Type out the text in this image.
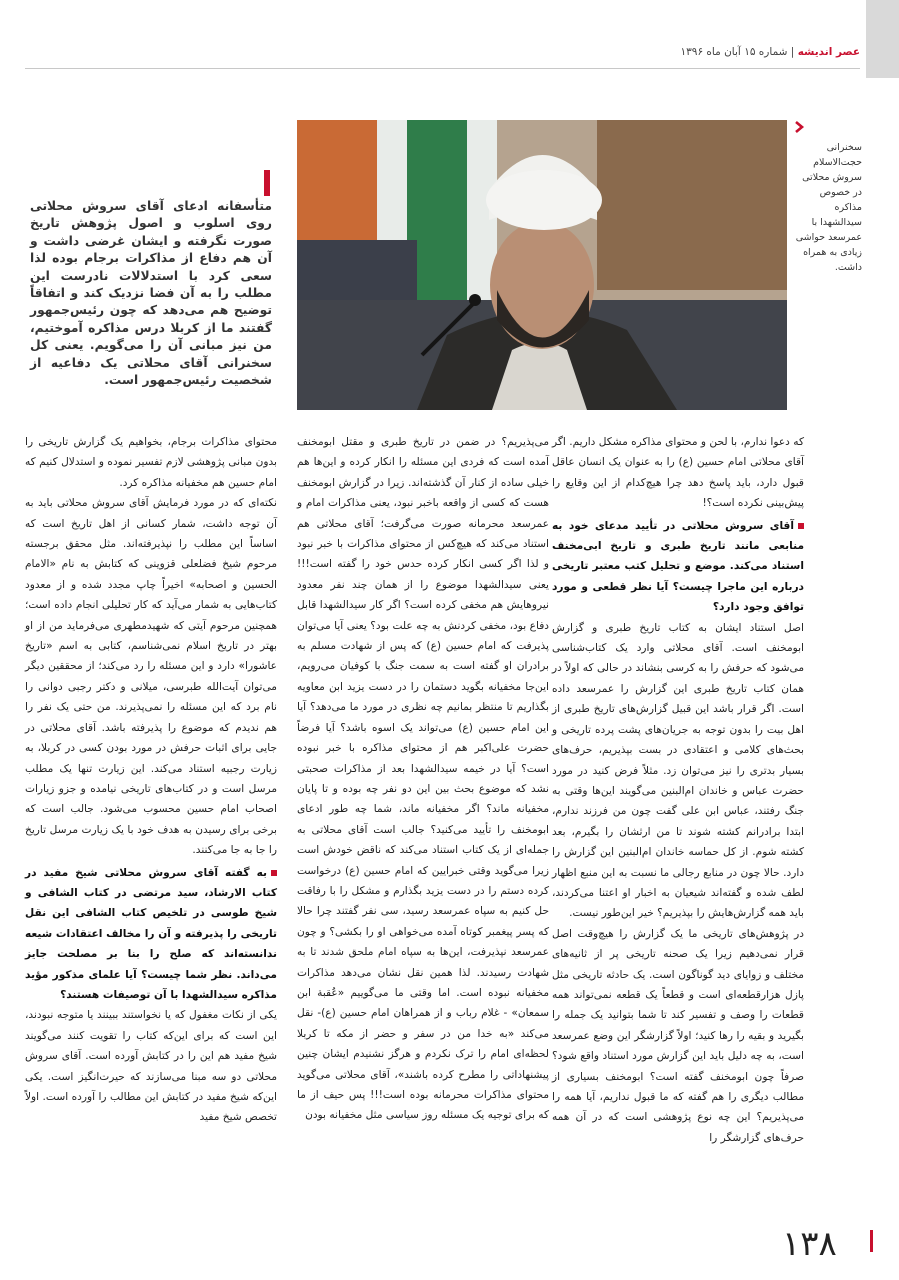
عصر اندیشه | شماره ۱۵ آبان ماه ۱۳۹۶
سخنرانی حجت‌الاسلام سروش محلاتی در خصوص مذاکره سیدالشهدا با عمرسعد حواشی زیادی به همراه داشت.
متأسفانه ادعای آقای سروش محلاتی روی اسلوب و اصول پژوهش تاریخ صورت نگرفته و ایشان غرضی داشت و آن هم دفاع از مذاکرات برجام بوده لذا سعی کرد با استدلالات نادرست این مطلب را به آن فضا نزدیک کند و اتفاقاً توضیح هم می‌دهد که چون رئیس‌جمهور گفتند ما از کربلا درس مذاکره آموختیم، من نیز مبانی آن را می‌گویم. یعنی کل سخنرانی آقای محلاتی یک دفاعیه از شخصیت رئیس‌جمهور است.

که دعوا ندارم، با لحن و محتوای مذاکره مشکل داریم. اگر آقای محلاتی امام حسین (ع) را به عنوان یک انسان عاقل قبول دارد، باید پاسخ دهد چرا هیچ‌کدام از این وقایع را پیش‌بینی نکرده است؟!

آقای سروش محلاتی در تأیید مدعای خود به منابعی مانند تاریخ طبری و تاریخ ابی‌مخنف استناد می‌کند. موضع و تحلیل کتب معتبر تاریخی درباره این ماجرا چیست؟ آیا نظر قطعی و مورد توافق وجود دارد؟

اصل استناد ایشان به کتاب تاریخ طبری و گزارش ابومخنف است. آقای محلاتی وارد یک کتاب‌شناسی می‌شود که حرفش را به کرسی بنشاند در حالی که اولاً در همان کتاب تاریخ طبری این گزارش را عمرسعد داده است. اگر قرار باشد این قبیل گزارش‌های تاریخ طبری از اهل بیت را بدون توجه به جریان‌های پشت پرده تاریخی و بحث‌های کلامی و اعتقادی در بست بپذیریم، حرف‌های بسیار بدتری را نیز می‌توان زد. مثلاً فرض کنید در مورد حضرت عباس و خاندان ام‌البنین می‌گویند این‌ها وقتی به جنگ رفتند، عباس ابن علی گفت چون من فرزند ندارم، ابتدا برادرانم کشته شوند تا من ارثشان را بگیرم، بعد کشته شوم. از کل حماسه خاندان ام‌البنین این گزارش را دارد. حالا چون در منابع رجالی ما نسبت به این منبع اظهار لطف شده و گفته‌اند شیعیان به اخبار او اعتنا می‌کردند، باید همه گزارش‌هایش را بپذیریم؟ خیر این‌طور نیست.

در پژوهش‌های تاریخی ما یک گزارش را هیچ‌وقت اصل قرار نمی‌دهیم زیرا یک صحنه تاریخی پر از ثانیه‌های مختلف و زوایای دید گوناگون است. یک حادثه تاریخی مثل پازل هزارقطعه‌ای است و قطعاً یک قطعه نمی‌تواند همه قطعات را وصف و تفسیر کند تا شما بتوانید یک جمله را بگیرید و بقیه را رها کنید؛ اولاً گزارشگر این وضع عمرسعد است، به چه دلیل باید این گزارش مورد استناد واقع شود؟ صرفاً چون ابومخنف گفته است؟ ابومخنف بسیاری از مطالب دیگری را هم گفته که ما قبول نداریم، آیا همه را می‌پذیریم؟ این چه نوع پژوهشی است که در آن همه حرف‌های گزارشگر را

می‌پذیریم؟ در ضمن در تاریخ طبری و مقتل ابومخنف آمده است که فردی این مسئله را انکار کرده و این‌ها هم خیلی ساده از کنار آن گذشته‌اند. زیرا در گزارش ابومخنف هست که کسی از واقعه باخبر نبود، یعنی مذاکرات امام و عمرسعد محرمانه صورت می‌گرفت؛ آقای محلاتی هم استناد می‌کند که هیچ‌کس از محتوای مذاکرات با خبر نبود و لذا اگر کسی انکار کرده حدس خود را گفته است!!! یعنی سیدالشهدا موضوع را از همان چند نفر معدود نیروهایش هم مخفی کرده است؟ اگر کار سیدالشهدا قابل دفاع بود، مخفی کردنش به چه علت بود؟ یعنی آیا می‌توان پذیرفت که امام حسین (ع) که پس از شهادت مسلم به برادران او گفته است به سمت جنگ با کوفیان می‌رویم، این‌جا مخفیانه بگوید دستمان را در دست یزید ابن معاویه بگذاریم تا منتظر بمانیم چه نظری در مورد ما می‌دهد؟ آیا این امام حسین (ع) می‌تواند یک اسوه باشد؟ آیا فرضاً حضرت علی‌اکبر هم از محتوای مذاکره با خبر نبوده است؟ آیا در خیمه سیدالشهدا بعد از مذاکرات صحبتی نشد که موضوع بحث بین این دو نفر چه بوده و تا پایان مخفیانه ماند؟ اگر مخفیانه ماند، شما چه طور ادعای ابومخنف را تأیید می‌کنید؟ جالب است آقای محلاتی به جمله‌ای از یک کتاب استناد می‌کند که ناقض خودش است زیرا می‌گوید وقتی خبرایین که امام حسین (ع) درخواست کرده دستم را در دست یزید بگذارم و مشکل را با رفاقت حل کنیم به سپاه عمرسعد رسید، سی نفر گفتند چرا حالا که پسر پیغمبر کوتاه آمده می‌خواهی او را بکشی؟ و چون عمرسعد نپذیرفت، این‌ها به سپاه امام ملحق شدند تا به شهادت رسیدند. لذا همین نقل نشان می‌دهد مذاکرات مخفیانه نبوده است. اما وقتی ما می‌گوییم «عُقبة ابن سمعان» - غلام رباب و از همراهان امام حسین (ع)- نقل می‌کند «به خدا من در سفر و حضر از مکه تا کربلا لحظه‌ای امام را ترک نکردم و هرگز نشنیدم ایشان چنین پیشنهاداتی را مطرح کرده باشند»، آقای محلاتی می‌گوید محتوای مذاکرات محرمانه بوده است!!! پس حیف از ما که برای توجیه یک مسئله روز سیاسی مثل مخفیانه بودن

محتوای مذاکرات برجام، بخواهیم یک گزارش تاریخی را بدون مبانی پژوهشی لازم تفسیر نموده و استدلال کنیم که امام حسین هم مخفیانه مذاکره کرد.

نکته‌ای که در مورد فرمایش آقای سروش محلاتی باید به آن توجه داشت، شمار کسانی از اهل تاریخ است که اساساً این مطلب را نپذیرفته‌اند. مثل محقق برجسته مرحوم شیخ فضلعلی قزوینی که کتابش به نام «الامام الحسین و اصحابه» اخیراً چاپ مجدد شده و از معدود کتاب‌هایی به شمار می‌آید که کار تحلیلی انجام داده است؛ همچنین مرحوم آیتی که شهیدمطهری می‌فرماید من از او بهتر در تاریخ اسلام نمی‌شناسم، کتابی به اسم «تاریخ عاشورا» دارد و این مسئله را رد می‌کند؛ از محققین دیگر می‌توان آیت‌الله طبرسی، میلانی و دکتر رجبی دوانی را نام برد که این مسئله را نمی‌پذیرند. من حتی یک نفر را هم ندیدم که موضوع را پذیرفته باشد. آقای محلاتی در جایی برای اثبات حرفش در مورد بودن کسی در کربلا، به زیارت رجبیه استناد می‌کند. این زیارت تنها یک مطلب مرسل است و در کتاب‌های تاریخی نیامده و جزو زیارات اصحاب امام حسین محسوب می‌شود. جالب است که برخی برای رسیدن به هدف خود با یک زیارت مرسل تاریخ را جا به جا می‌کنند.

به گفته آقای سروش محلاتی شیخ مفید در کتاب الارشاد، سید مرتضی در کتاب الشافی و شیخ طوسی در تلخیص کتاب الشافی این نقل تاریخی را پذیرفته و آن را مخالف اعتقادات شیعه ندانسته‌اند که صلح را بنا بر مصلحت جایز می‌داند. نظر شما چیست؟ آیا علمای مذکور مؤید مذاکره سیدالشهدا با آن توصیفات هستند؟

یکی از نکات مغفول که یا نخواستند ببینند یا متوجه نبودند، این است که برای این‌که کتاب را تقویت کنند می‌گویند شیخ مفید هم این را در کتابش آورده است. آقای سروش محلاتی دو سه مبنا می‌سازند که حیرت‌انگیز است. یکی این‌که شیخ مفید در کتابش این مطالب را آورده است. اولاً تخصص شیخ مفید

۱۳۸
